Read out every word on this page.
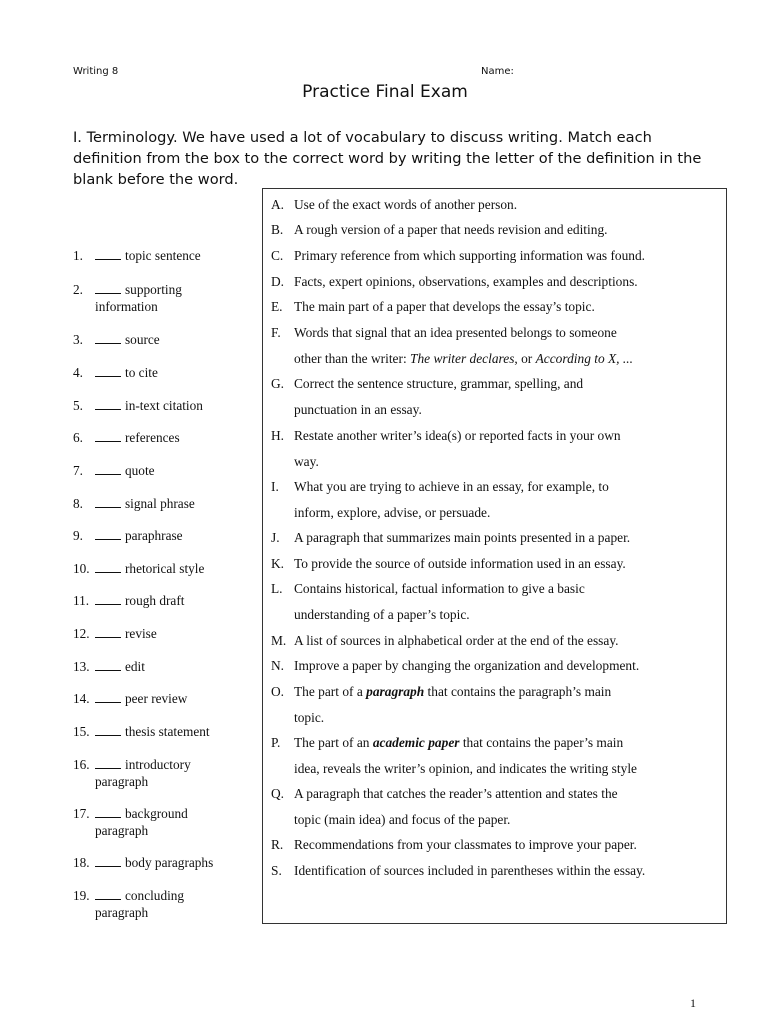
Writing 8	Name:
Practice Final Exam
I. Terminology. We have used a lot of vocabulary to discuss writing. Match each definition from the box to the correct word by writing the letter of the definition in the blank before the word.
1.	topic sentence
2.	supporting
information
3.	source
4.	to cite
5.	in-text citation
6.	references
7.	quote
8.	signal phrase
9.	paraphrase
10.	rhetorical style
11.	rough draft
12.	revise
13.	edit
14.	peer review
15.	thesis statement
16.	introductory
paragraph
17.	background
paragraph
18.	body paragraphs
19.	concluding
paragraph
A. Use of the exact words of another person.
B. A rough version of a paper that needs revision and editing.
C. Primary reference from which supporting information was found.
D. Facts, expert opinions, observations, examples and descriptions.
E. The main part of a paper that develops the essay’s topic.
F. Words that signal that an idea presented belongs to someone
other than the writer: The writer declares, or According to X, ...
G. Correct the sentence structure, grammar, spelling, and
punctuation in an essay.
H. Restate another writer’s idea(s) or reported facts in your own
way.
I. What you are trying to achieve in an essay, for example, to
inform, explore, advise, or persuade.
J. A paragraph that summarizes main points presented in a paper.
K. To provide the source of outside information used in an essay.
L. Contains historical, factual information to give a basic
understanding of a paper’s topic.
M. A list of sources in alphabetical order at the end of the essay.
N. Improve a paper by changing the organization and development.
O. The part of a paragraph that contains the paragraph’s main
topic.
P. The part of an academic paper that contains the paper’s main
idea, reveals the writer’s opinion, and indicates the writing style
Q. A paragraph that catches the reader’s attention and states the
topic (main idea) and focus of the paper.
R. Recommendations from your classmates to improve your paper.
S. Identification of sources included in parentheses within the essay.
1
